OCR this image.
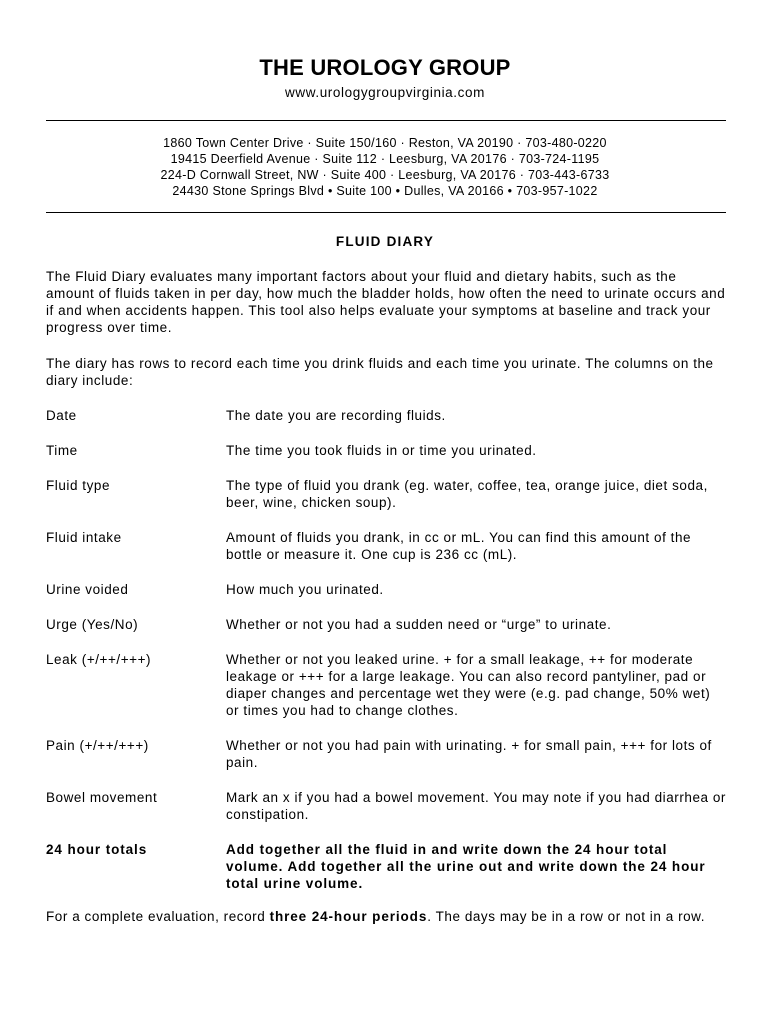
THE UROLOGY GROUP
www.urologygroupvirginia.com
1860 Town Center Drive · Suite 150/160 · Reston, VA 20190 · 703-480-0220
19415 Deerfield Avenue · Suite 112 · Leesburg, VA 20176 · 703-724-1195
224-D Cornwall Street, NW · Suite 400 · Leesburg, VA 20176 · 703-443-6733
24430 Stone Springs Blvd • Suite 100 • Dulles, VA 20166 • 703-957-1022
FLUID DIARY
The Fluid Diary evaluates many important factors about your fluid and dietary habits, such as the amount of fluids taken in per day, how much the bladder holds, how often the need to urinate occurs and if and when accidents happen. This tool also helps evaluate your symptoms at baseline and track your progress over time.
The diary has rows to record each time you drink fluids and each time you urinate. The columns on the diary include:
Date	The date you are recording fluids.
Time	The time you took fluids in or time you urinated.
Fluid type	The type of fluid you drank (eg. water, coffee, tea, orange juice, diet soda, beer, wine, chicken soup).
Fluid intake	Amount of fluids you drank, in cc or mL. You can find this amount of the bottle or measure it. One cup is 236 cc (mL).
Urine voided	How much you urinated.
Urge (Yes/No)	Whether or not you had a sudden need or “urge” to urinate.
Leak (+/++/+++)	Whether or not you leaked urine. + for a small leakage, ++ for moderate leakage or +++ for a large leakage. You can also record pantyliner, pad or diaper changes and percentage wet they were (e.g. pad change, 50% wet) or times you had to change clothes.
Pain (+/++/+++)	Whether or not you had pain with urinating. + for small pain, +++ for lots of pain.
Bowel movement	Mark an x if you had a bowel movement. You may note if you had diarrhea or constipation.
24 hour totals	Add together all the fluid in and write down the 24 hour total volume. Add together all the urine out and write down the 24 hour total urine volume.
For a complete evaluation, record three 24-hour periods. The days may be in a row or not in a row.
